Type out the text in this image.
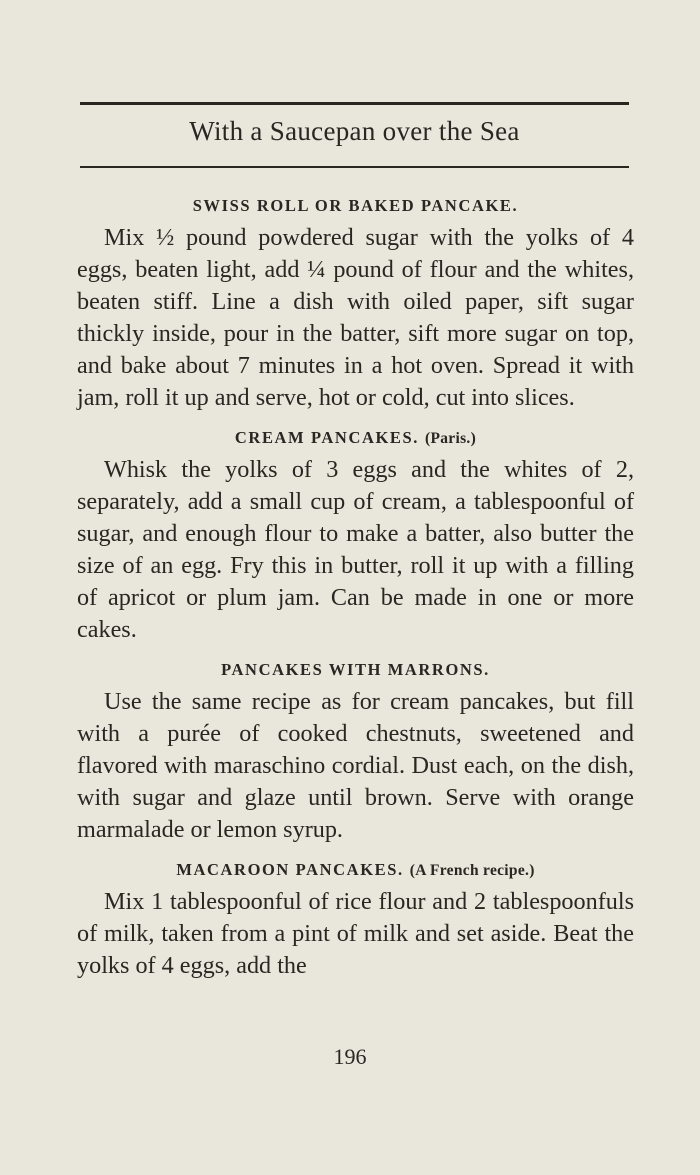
With a Saucepan over the Sea
SWISS ROLL OR BAKED PANCAKE.

Mix ½ pound powdered sugar with the yolks of 4 eggs, beaten light, add ¼ pound of flour and the whites, beaten stiff. Line a dish with oiled paper, sift sugar thickly inside, pour in the batter, sift more sugar on top, and bake about 7 minutes in a hot oven. Spread it with jam, roll it up and serve, hot or cold, cut into slices.

CREAM PANCAKES. (Paris.)

Whisk the yolks of 3 eggs and the whites of 2, separately, add a small cup of cream, a tablespoonful of sugar, and enough flour to make a batter, also butter the size of an egg. Fry this in butter, roll it up with a filling of apricot or plum jam. Can be made in one or more cakes.

PANCAKES WITH MARRONS.

Use the same recipe as for cream pancakes, but fill with a purée of cooked chestnuts, sweetened and flavored with maraschino cordial. Dust each, on the dish, with sugar and glaze until brown. Serve with orange marmalade or lemon syrup.

MACAROON PANCAKES. (A French recipe.)

Mix 1 tablespoonful of rice flour and 2 tablespoonfuls of milk, taken from a pint of milk and set aside. Beat the yolks of 4 eggs, add the

196
